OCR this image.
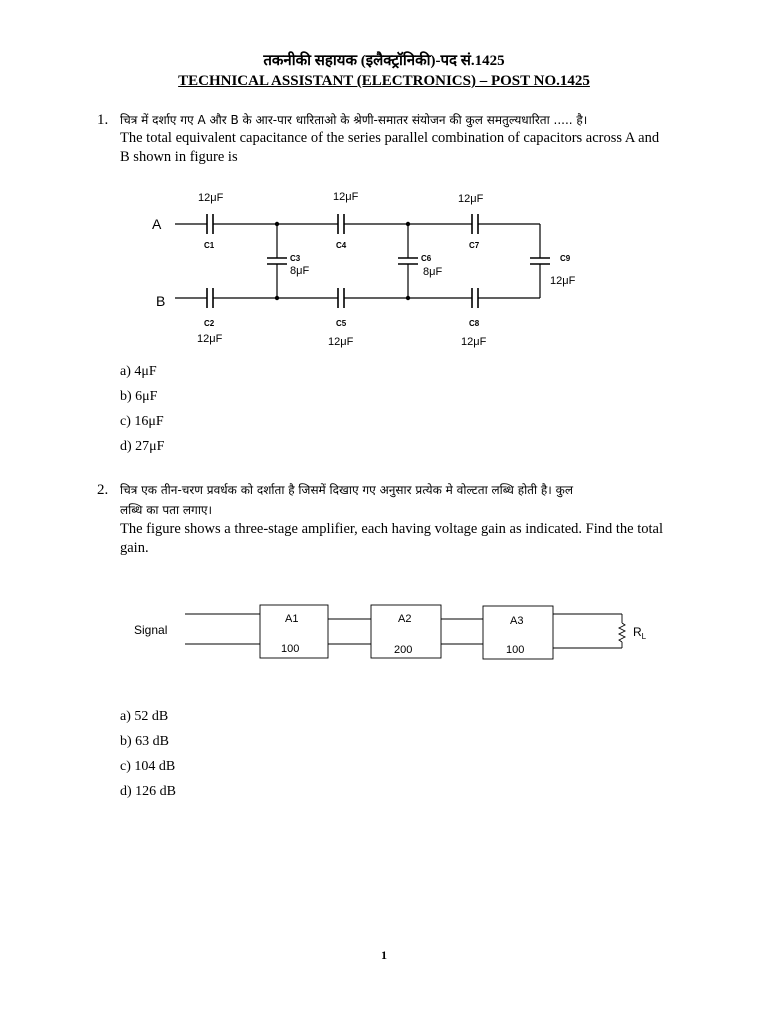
तकनीकी सहायक (इलैक्ट्रॉनिकी)-पद सं.1425
TECHNICAL ASSISTANT (ELECTRONICS) – POST NO.1425
1. चित्र में दर्शाए गए A और B के आर-पार धारिताओ के श्रेणी-समातर संयोजन की कुल समतुल्यधारिता ..... है।
The total equivalent capacitance of the series parallel combination of capacitors across A and
B shown in figure is
A
B
12μF
C1
C2
12μF
C3
8μF
12μF
C4
C5
12μF
C6
8μF
12μF
C7
C8
12μF
C9
12μF
a) 4μF
b) 6μF
c) 16μF
d) 27μF
2. चित्र एक तीन-चरण प्रवर्धक को दर्शाता है जिसमें दिखाए गए अनुसार प्रत्येक मे वोल्टता लब्धि होती है। कुल
लब्धि का पता लगाए।
The figure shows a three-stage amplifier, each having voltage gain as indicated. Find the total
gain.
Signal
A1
100
A2
200
A3
100
$R_L$
a) 52 dB
b) 63 dB
c) 104 dB
d) 126 dB
1
